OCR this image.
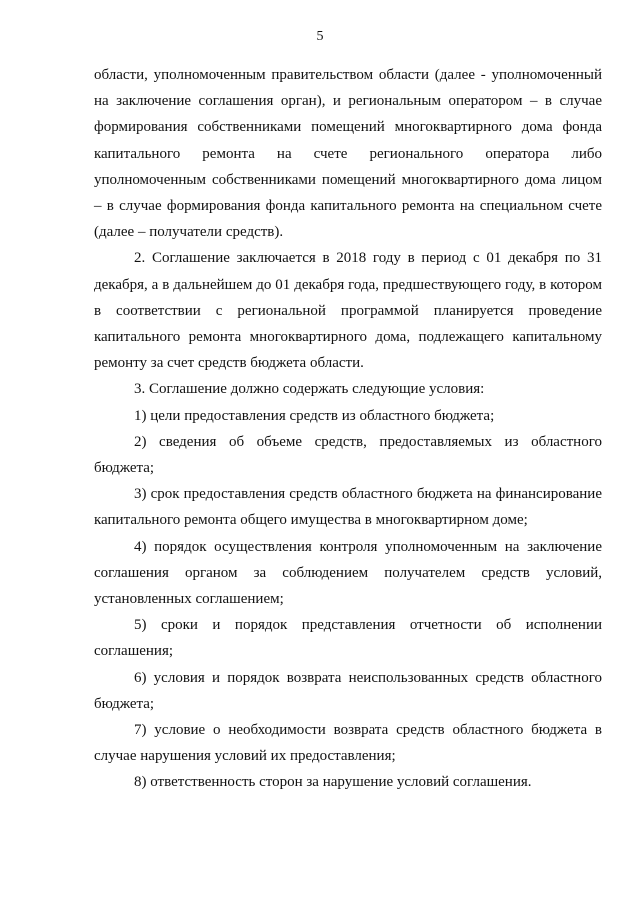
5

области, уполномоченным правительством области (далее - уполномоченный на заключение соглашения орган), и региональным оператором – в случае формирования собственниками помещений многоквартирного дома фонда капитального ремонта на счете регионального оператора либо уполномоченным собственниками помещений многоквартирного дома лицом – в случае формирования фонда капитального ремонта на специальном счете (далее – получатели средств).

2. Соглашение заключается в 2018 году в период с 01 декабря по 31 декабря, а в дальнейшем до 01 декабря года, предшествующего году, в котором в соответствии с региональной программой планируется проведение капитального ремонта многоквартирного дома, подлежащего капитальному ремонту за счет средств бюджета области.

3. Соглашение должно содержать следующие условия:

1) цели предоставления средств из областного бюджета;

2) сведения об объеме средств, предоставляемых из областного бюджета;

3) срок предоставления средств областного бюджета на финансирование капитального ремонта общего имущества в многоквартирном доме;

4) порядок осуществления контроля уполномоченным на заключение соглашения органом за соблюдением получателем средств условий, установленных соглашением;

5) сроки и порядок представления отчетности об исполнении соглашения;

6) условия и порядок возврата неиспользованных средств областного бюджета;

7) условие о необходимости возврата средств областного бюджета в случае нарушения условий их предоставления;

8) ответственность сторон за нарушение условий соглашения.
